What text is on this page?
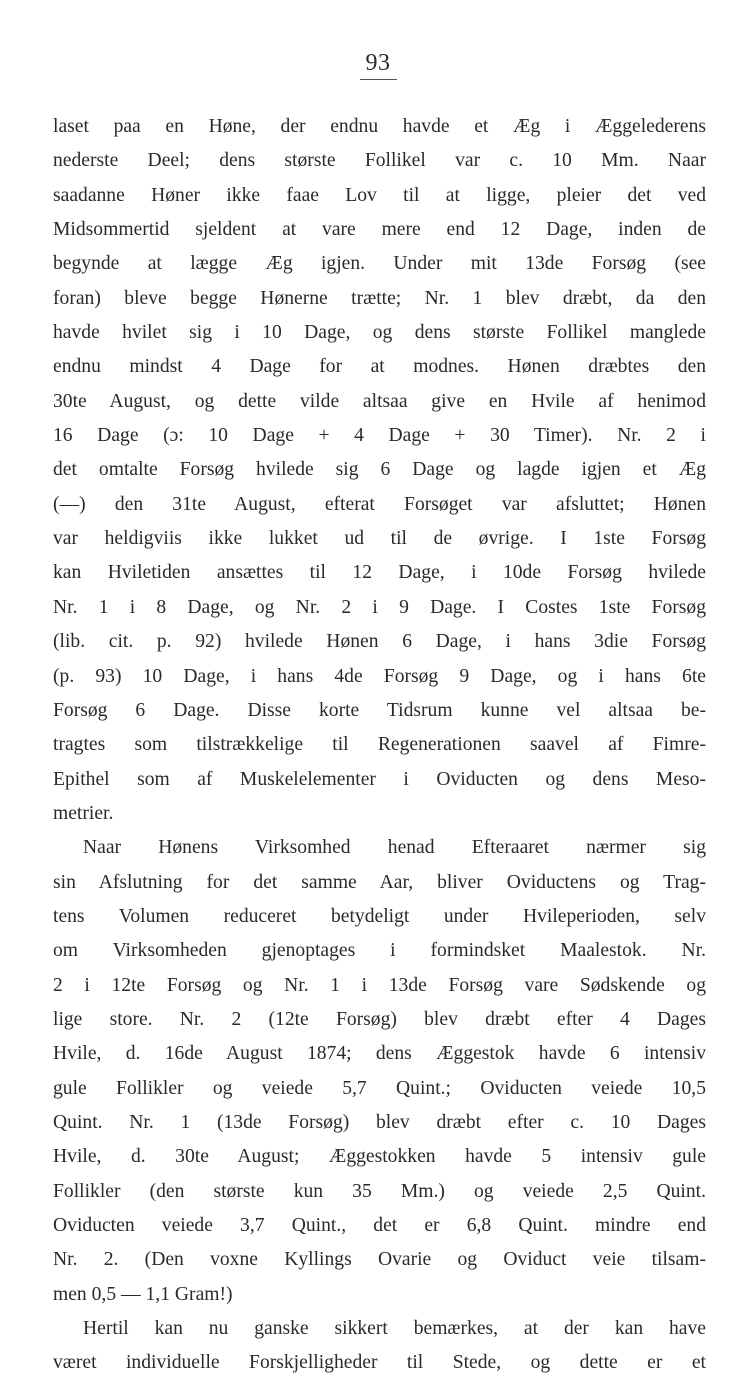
93
laset paa en Høne, der endnu havde et Æg i Æggelederens
nederste Deel; dens største Follikel var c. 10 Mm. Naar
saadanne Høner ikke faae Lov til at ligge, pleier det ved
Midsommertid sjeldent at vare mere end 12 Dage, inden de
begynde at lægge Æg igjen. Under mit 13de Forsøg (see
foran) bleve begge Hønerne trætte; Nr. 1 blev dræbt, da den
havde hvilet sig i 10 Dage, og dens største Follikel manglede
endnu mindst 4 Dage for at modnes. Hønen dræbtes den
30te August, og dette vilde altsaa give en Hvile af henimod
16 Dage (ɔ: 10 Dage + 4 Dage + 30 Timer). Nr. 2 i
det omtalte Forsøg hvilede sig 6 Dage og lagde igjen et Æg
(—) den 31te August, efterat Forsøget var afsluttet; Hønen
var heldigviis ikke lukket ud til de øvrige. I 1ste Forsøg
kan Hviletiden ansættes til 12 Dage, i 10de Forsøg hvilede
Nr. 1 i 8 Dage, og Nr. 2 i 9 Dage. I Costes 1ste Forsøg
(lib. cit. p. 92) hvilede Hønen 6 Dage, i hans 3die Forsøg
(p. 93) 10 Dage, i hans 4de Forsøg 9 Dage, og i hans 6te
Forsøg 6 Dage. Disse korte Tidsrum kunne vel altsaa be-
tragtes som tilstrækkelige til Regenerationen saavel af Fimre-
Epithel som af Muskelelementer i Oviducten og dens Meso-
metrier.
Naar Hønens Virksomhed henad Efteraaret nærmer sig
sin Afslutning for det samme Aar, bliver Oviductens og Trag-
tens Volumen reduceret betydeligt under Hvileperioden, selv
om Virksomheden gjenoptages i formindsket Maalestok. Nr.
2 i 12te Forsøg og Nr. 1 i 13de Forsøg vare Sødskende og
lige store. Nr. 2 (12te Forsøg) blev dræbt efter 4 Dages
Hvile, d. 16de August 1874; dens Æggestok havde 6 intensiv
gule Follikler og veiede 5,7 Quint.; Oviducten veiede 10,5
Quint. Nr. 1 (13de Forsøg) blev dræbt efter c. 10 Dages
Hvile, d. 30te August; Æggestokken havde 5 intensiv gule
Follikler (den største kun 35 Mm.) og veiede 2,5 Quint.
Oviducten veiede 3,7 Quint., det er 6,8 Quint. mindre end
Nr. 2. (Den voxne Kyllings Ovarie og Oviduct veie tilsam-
men 0,5 — 1,1 Gram!)
Hertil kan nu ganske sikkert bemærkes, at der kan have
været individuelle Forskjelligheder til Stede, og dette er et
